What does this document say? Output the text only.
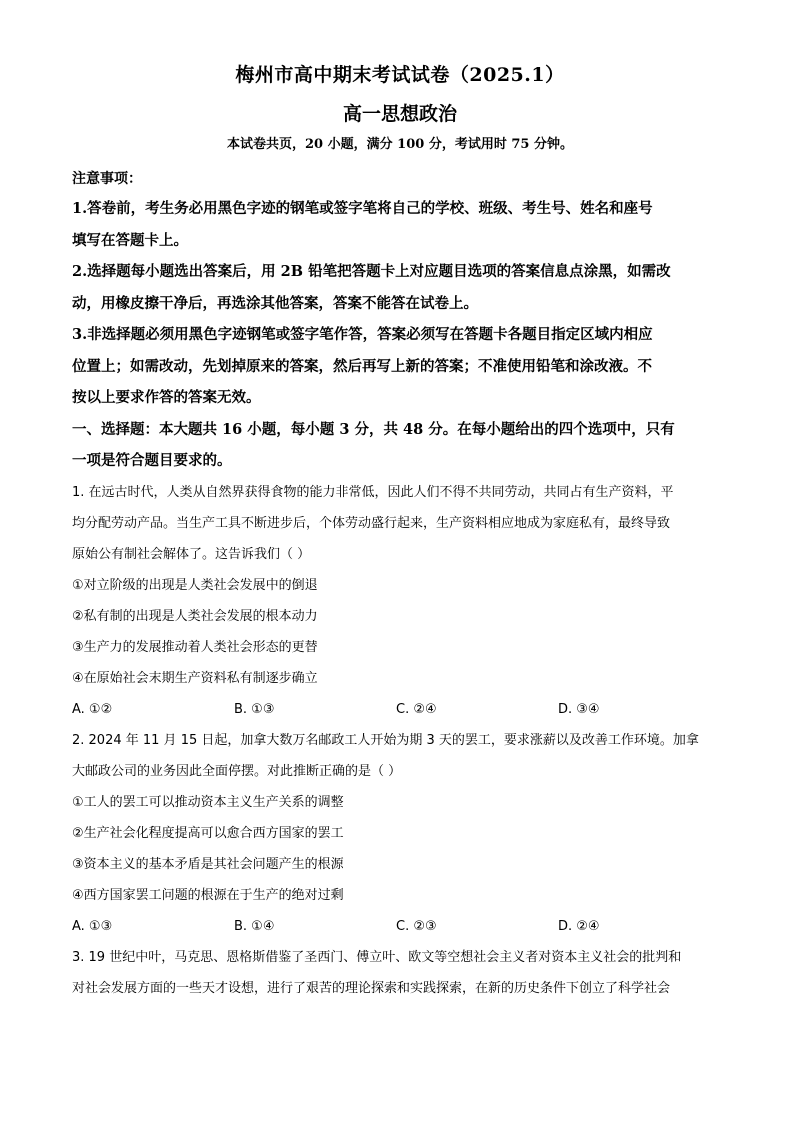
梅州市高中期末考试试卷（2025.1）
高一思想政治
本试卷共页，20 小题，满分 100 分，考试用时 75 分钟。
注意事项：
1.答卷前，考生务必用黑色字迹的钢笔或签字笔将自己的学校、班级、考生号、姓名和座号
填写在答题卡上。
2.选择题每小题选出答案后，用 2B 铅笔把答题卡上对应题目选项的答案信息点涂黑，如需改
动，用橡皮擦干净后，再选涂其他答案，答案不能答在试卷上。
3.非选择题必须用黑色字迹钢笔或签字笔作答，答案必须写在答题卡各题目指定区域内相应
位置上；如需改动，先划掉原来的答案，然后再写上新的答案；不准使用铅笔和涂改液。不
按以上要求作答的答案无效。
一、选择题：本大题共 16 小题，每小题 3 分，共 48 分。在每小题给出的四个选项中，只有
一项是符合题目要求的。
1. 在远古时代，人类从自然界获得食物的能力非常低，因此人们不得不共同劳动，共同占有生产资料，平
均分配劳动产品。当生产工具不断进步后，个体劳动盛行起来，生产资料相应地成为家庭私有，最终导致
原始公有制社会解体了。这告诉我们（ ）
①对立阶级的出现是人类社会发展中的倒退
②私有制的出现是人类社会发展的根本动力
③生产力的发展推动着人类社会形态的更替
④在原始社会末期生产资料私有制逐步确立
A. ①②	B. ①③	C. ②④	D. ③④
2. 2024 年 11 月 15 日起，加拿大数万名邮政工人开始为期 3 天的罢工，要求涨薪以及改善工作环境。加拿
大邮政公司的业务因此全面停摆。对此推断正确的是（ ）
①工人的罢工可以推动资本主义生产关系的调整
②生产社会化程度提高可以愈合西方国家的罢工
③资本主义的基本矛盾是其社会问题产生的根源
④西方国家罢工问题的根源在于生产的绝对过剩
A. ①③	B. ①④	C. ②③	D. ②④
3. 19 世纪中叶，马克思、恩格斯借鉴了圣西门、傅立叶、欧文等空想社会主义者对资本主义社会的批判和
对社会发展方面的一些天才设想，进行了艰苦的理论探索和实践探索，在新的历史条件下创立了科学社会
